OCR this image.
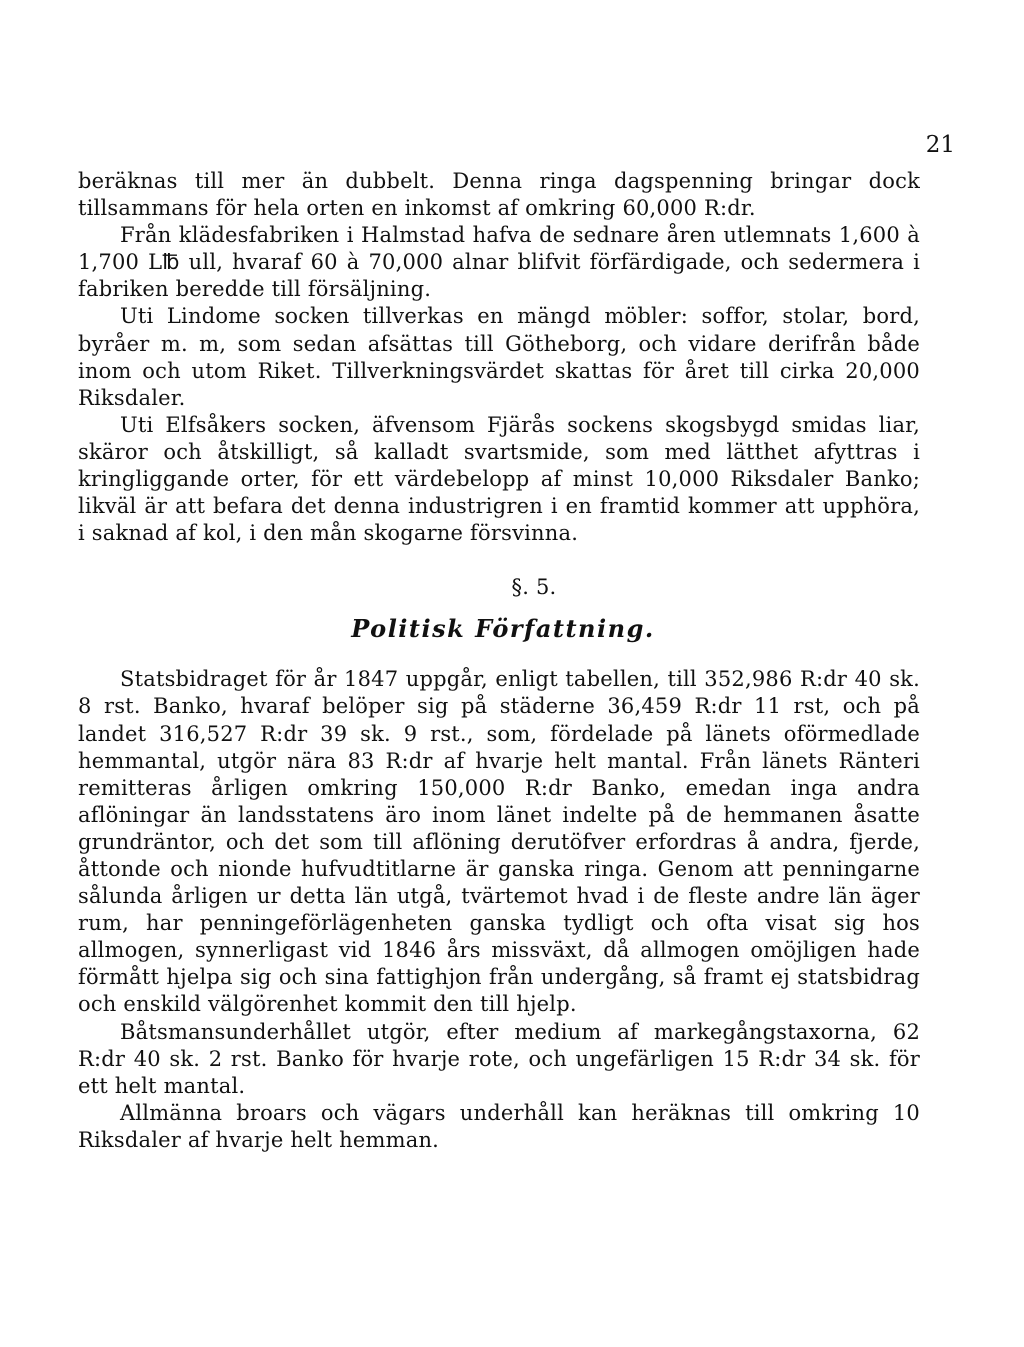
21

beräknas till mer än dubbelt. Denna ringa dagspenning bringar dock tillsammans för hela orten en inkomst af omkring 60,000 R:dr.

Från klädesfabriken i Halmstad hafva de sednare åren utlemnats 1,600 à 1,700 L℔ ull, hvaraf 60 à 70,000 alnar blifvit förfärdigade, och sedermera i fabriken beredde till försäljning.

Uti Lindome socken tillverkas en mängd möbler: soffor, stolar, bord, byråer m. m, som sedan afsättas till Götheborg, och vidare derifrån både inom och utom Riket. Tillverkningsvärdet skattas för året till cirka 20,000 Riksdaler.

Uti Elfsåkers socken, äfvensom Fjärås sockens skogsbygd smidas liar, skäror och åtskilligt, så kalladt svartsmide, som med lätthet afyttras i kringliggande orter, för ett värdebelopp af minst 10,000 Riksdaler Banko; likväl är att befara det denna industrigren i en framtid kommer att upphöra, i saknad af kol, i den mån skogarne försvinna.

§. 5.
Politisk Författning.

Statsbidraget för år 1847 uppgår, enligt tabellen, till 352,986 R:dr 40 sk. 8 rst. Banko, hvaraf belöper sig på städerne 36,459 R:dr 11 rst, och på landet 316,527 R:dr 39 sk. 9 rst., som, fördelade på länets oförmedlade hemmantal, utgör nära 83 R:dr af hvarje helt mantal. Från länets Ränteri remitteras årligen omkring 150,000 R:dr Banko, emedan inga andra aflöningar än landsstatens äro inom länet indelte på de hemmanen åsatte grundräntor, och det som till aflöning derutöfver erfordras å andra, fjerde, åttonde och nionde hufvudtitlarne är ganska ringa. Genom att penningarne sålunda årligen ur detta län utgå, tvärtemot hvad i de fleste andre län äger rum, har penningeförlägenheten ganska tydligt och ofta visat sig hos allmogen, synnerligast vid 1846 års missväxt, då allmogen omöjligen hade förmått hjelpa sig och sina fattighjon från undergång, så framt ej statsbidrag och enskild välgörenhet kommit den till hjelp.

Båtsmansunderhållet utgör, efter medium af markegångstaxorna, 62 R:dr 40 sk. 2 rst. Banko för hvarje rote, och ungefärligen 15 R:dr 34 sk. för ett helt mantal.

Allmänna broars och vägars underhåll kan heräknas till omkring 10 Riksdaler af hvarje helt hemman.
